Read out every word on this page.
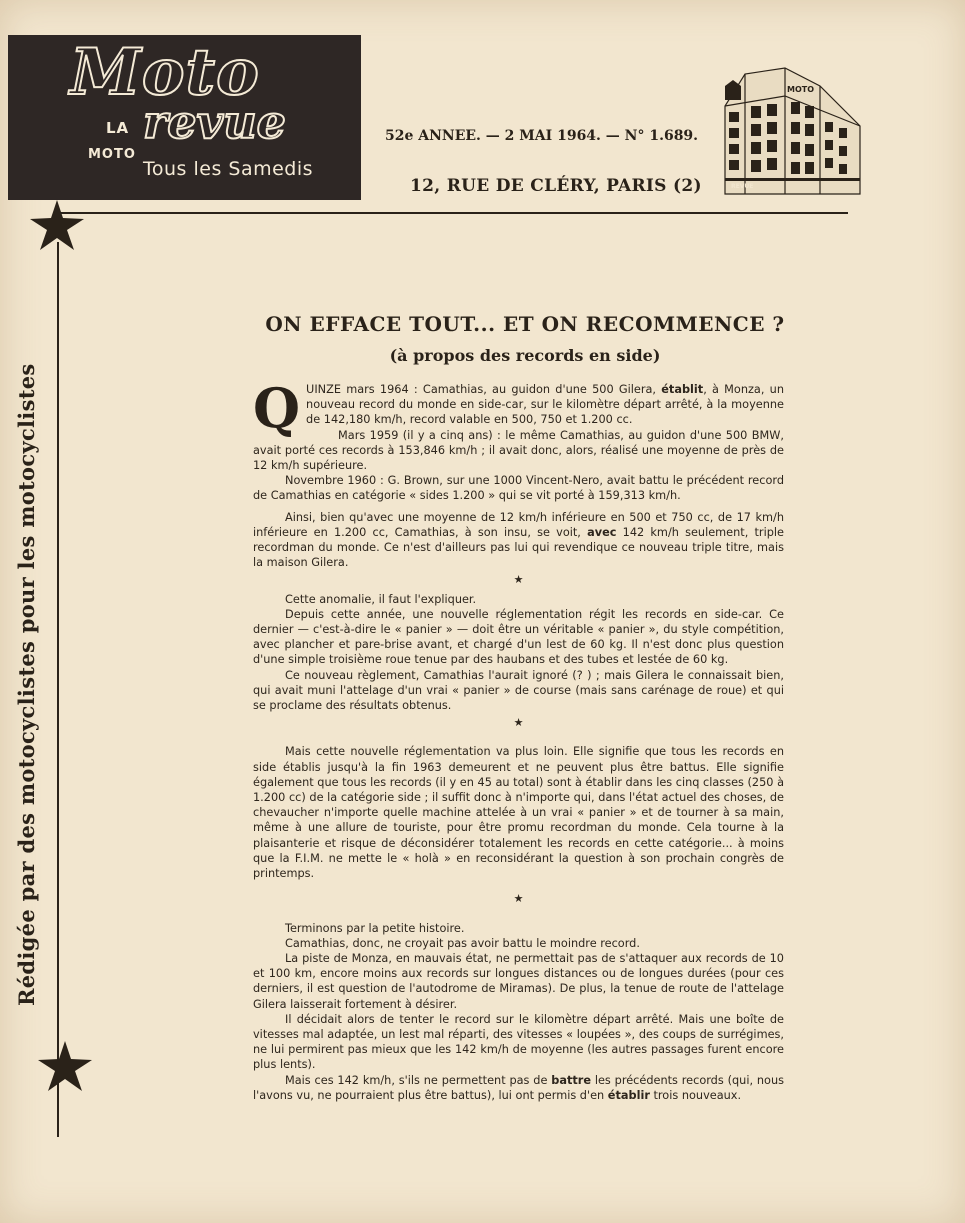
Moto
LA revue
MOTO
Tous les Samedis
52e ANNEE. — 2 MAI 1964. — N° 1.689.
12, RUE DE CLÉRY, PARIS (2)
MOTO
REVUE
Rédigée par des motocyclistes pour les motocyclistes
ON EFFACE TOUT... ET ON RECOMMENCE ?
(à propos des records en side)

QUINZE mars 1964 : Camathias, au guidon d'une 500 Gilera, établit, à Monza, un nouveau record du monde en side-car, sur le kilomètre départ arrêté, à la moyenne de 142,180 km/h, record valable en 500, 750 et 1.200 cc.

Mars 1959 (il y a cinq ans) : le même Camathias, au guidon d'une 500 BMW, avait porté ces records à 153,846 km/h ; il avait donc, alors, réalisé une moyenne de près de 12 km/h supérieure.

Novembre 1960 : G. Brown, sur une 1000 Vincent-Nero, avait battu le précédent record de Camathias en catégorie « sides 1.200 » qui se vit porté à 159,313 km/h.

Ainsi, bien qu'avec une moyenne de 12 km/h inférieure en 500 et 750 cc, de 17 km/h inférieure en 1.200 cc, Camathias, à son insu, se voit, avec 142 km/h seulement, triple recordman du monde. Ce n'est d'ailleurs pas lui qui revendique ce nouveau triple titre, mais la maison Gilera.

★

Cette anomalie, il faut l'expliquer.

Depuis cette année, une nouvelle réglementation régit les records en side-car. Ce dernier — c'est-à-dire le « panier » — doit être un véritable « panier », du style compétition, avec plancher et pare-brise avant, et chargé d'un lest de 60 kg. Il n'est donc plus question d'une simple troisième roue tenue par des haubans et des tubes et lestée de 60 kg.

Ce nouveau règlement, Camathias l'aurait ignoré (? ) ; mais Gilera le connaissait bien, qui avait muni l'attelage d'un vrai « panier » de course (mais sans carénage de roue) et qui se proclame des résultats obtenus.

★

Mais cette nouvelle réglementation va plus loin. Elle signifie que tous les records en side établis jusqu'à la fin 1963 demeurent et ne peuvent plus être battus. Elle signifie également que tous les records (il y en 45 au total) sont à établir dans les cinq classes (250 à 1.200 cc) de la catégorie side ; il suffit donc à n'importe qui, dans l'état actuel des choses, de chevaucher n'importe quelle machine attelée à un vrai « panier » et de tourner à sa main, même à une allure de touriste, pour être promu recordman du monde. Cela tourne à la plaisanterie et risque de déconsidérer totalement les records en cette catégorie... à moins que la F.I.M. ne mette le « holà » en reconsidérant la question à son prochain congrès de printemps.

★

Terminons par la petite histoire.

Camathias, donc, ne croyait pas avoir battu le moindre record.

La piste de Monza, en mauvais état, ne permettait pas de s'attaquer aux records de 10 et 100 km, encore moins aux records sur longues distances ou de longues durées (pour ces derniers, il est question de l'autodrome de Miramas). De plus, la tenue de route de l'attelage Gilera laisserait fortement à désirer.

Il décidait alors de tenter le record sur le kilomètre départ arrêté. Mais une boîte de vitesses mal adaptée, un lest mal réparti, des vitesses « loupées », des coups de surrégimes, ne lui permirent pas mieux que les 142 km/h de moyenne (les autres passages furent encore plus lents).

Mais ces 142 km/h, s'ils ne permettent pas de battre les précédents records (qui, nous l'avons vu, ne pourraient plus être battus), lui ont permis d'en établir trois nouveaux.
